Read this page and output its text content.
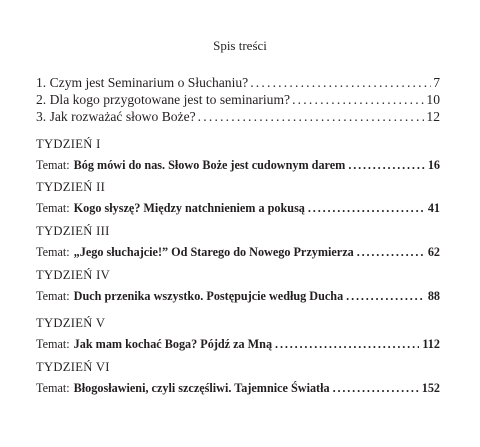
Spis treści
1. Czym jest Seminarium o Słuchaniu? .....	7
2. Dla kogo przygotowane jest to seminarium? .....	10
3. Jak rozważać słowo Boże? .....	12
TYDZIEŃ I
Temat: Bóg mówi do nas. Słowo Boże jest cudownym darem . . .	16
TYDZIEŃ II
Temat: Kogo słyszę? Między natchnieniem a pokusą . . .	41
TYDZIEŃ III
Temat: „Jego słuchajcie!” Od Starego do Nowego Przymierza . . .	62
TYDZIEŃ IV
Temat: Duch przenika wszystko. Postępujcie według Ducha . . .	88
TYDZIEŃ V
Temat: Jak mam kochać Boga? Pójdź za Mną . . .	112
TYDZIEŃ VI
Temat: Błogosławieni, czyli szczęśliwi. Tajemnice Światła . . .	152
